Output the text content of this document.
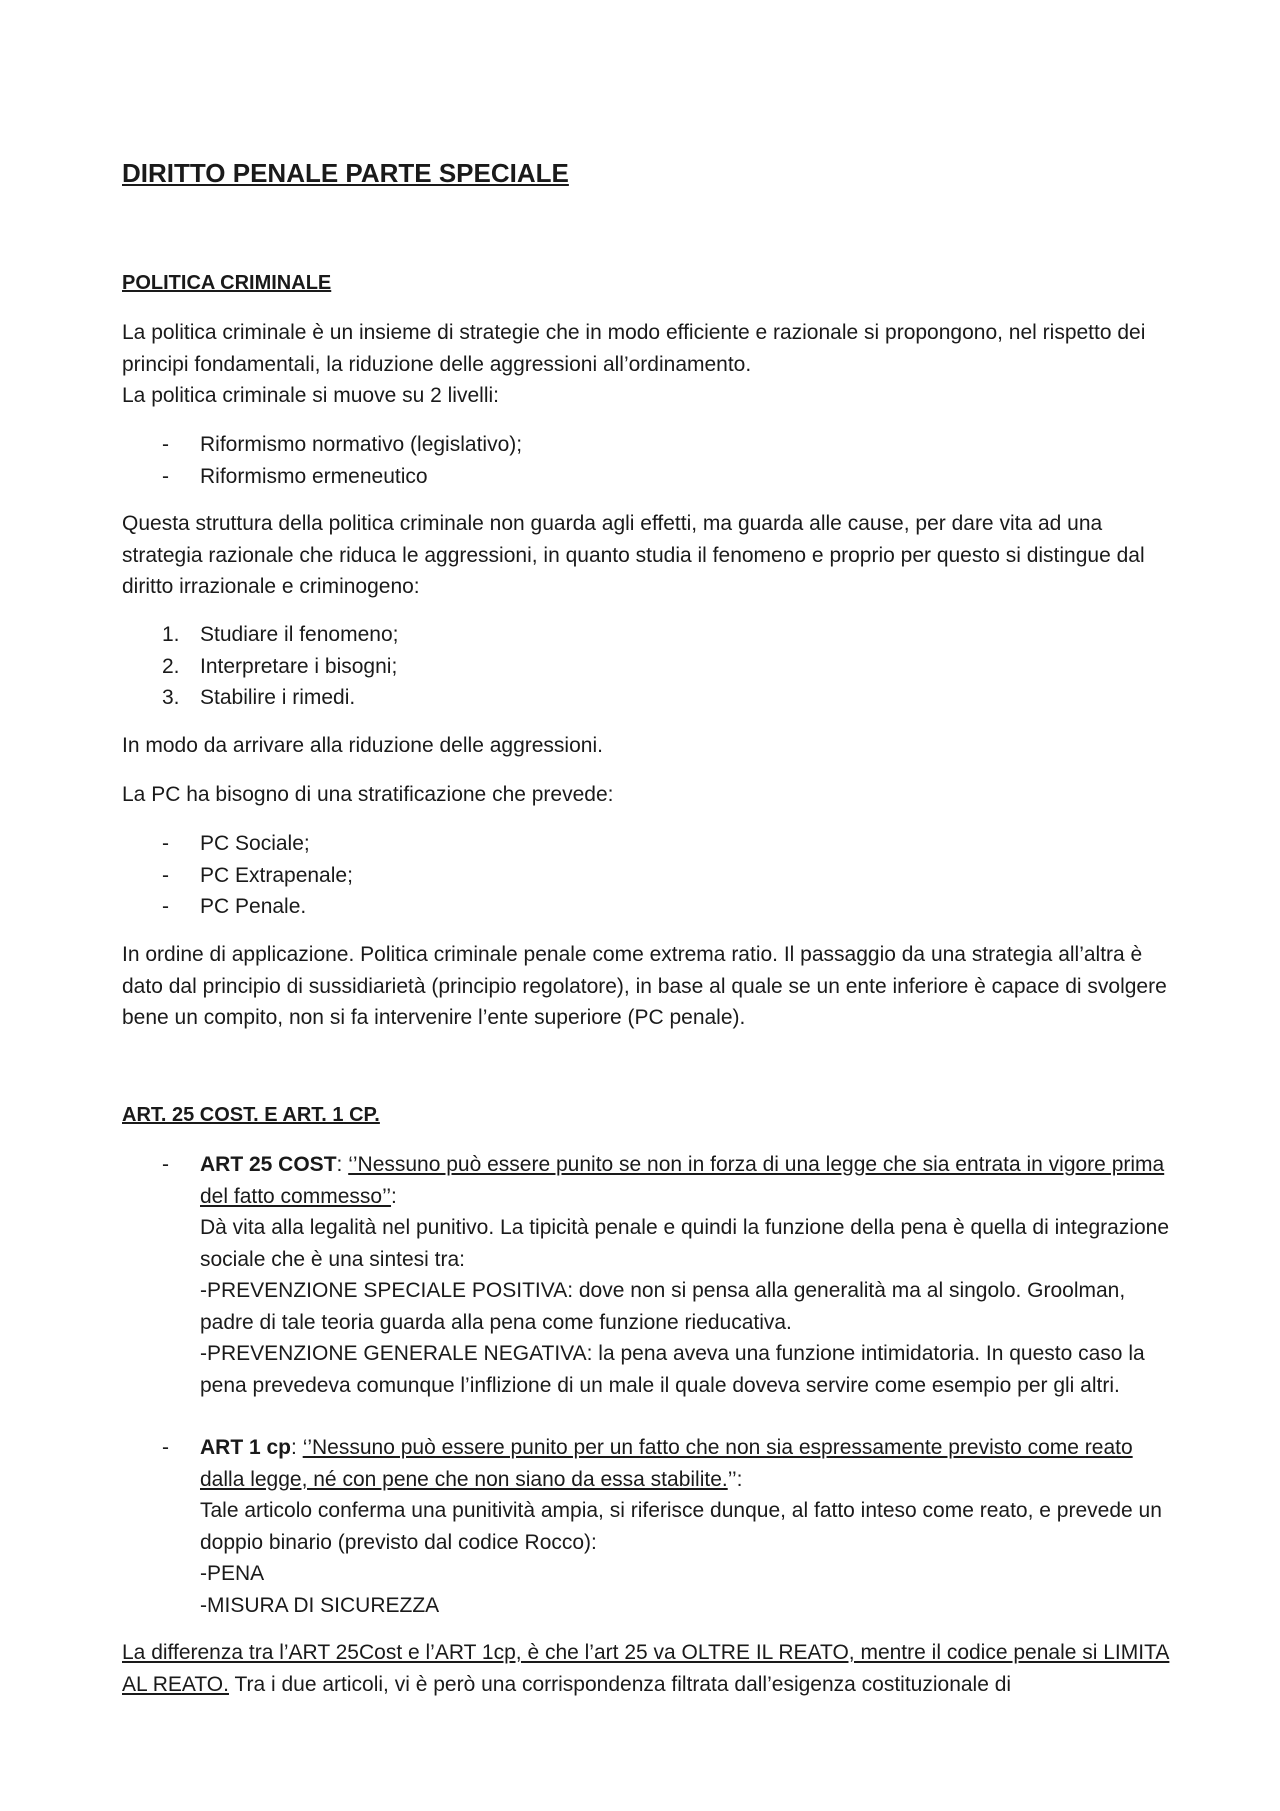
DIRITTO PENALE PARTE SPECIALE
POLITICA CRIMINALE

La politica criminale è un insieme di strategie che in modo efficiente e razionale si propongono, nel rispetto dei principi fondamentali, la riduzione delle aggressioni all’ordinamento.
La politica criminale si muove su 2 livelli:

- Riformismo normativo (legislativo);
- Riformismo ermeneutico

Questa struttura della politica criminale non guarda agli effetti, ma guarda alle cause, per dare vita ad una strategia razionale che riduca le aggressioni, in quanto studia il fenomeno e proprio per questo si distingue dal diritto irrazionale e criminogeno:

1. Studiare il fenomeno;
2. Interpretare i bisogni;
3. Stabilire i rimedi.

In modo da arrivare alla riduzione delle aggressioni.

La PC ha bisogno di una stratificazione che prevede:

- PC Sociale;
- PC Extrapenale;
- PC Penale.

In ordine di applicazione. Politica criminale penale come extrema ratio. Il passaggio da una strategia all’altra è dato dal principio di sussidiarietà (principio regolatore), in base al quale se un ente inferiore è capace di svolgere bene un compito, non si fa intervenire l’ente superiore (PC penale).

ART. 25 COST. E ART. 1 CP.
- ART 25 COST: ‘’Nessuno può essere punito se non in forza di una legge che sia entrata in vigore prima del fatto commesso’’:
Dà vita alla legalità nel punitivo. La tipicità penale e quindi la funzione della pena è quella di integrazione sociale che è una sintesi tra:
-PREVENZIONE SPECIALE POSITIVA: dove non si pensa alla generalità ma al singolo. Groolman, padre di tale teoria guarda alla pena come funzione rieducativa.
-PREVENZIONE GENERALE NEGATIVA: la pena aveva una funzione intimidatoria. In questo caso la pena prevedeva comunque l’inflizione di un male il quale doveva servire come esempio per gli altri.
- ART 1 cp: ‘’Nessuno può essere punito per un fatto che non sia espressamente previsto come reato dalla legge, né con pene che non siano da essa stabilite.’’:
Tale articolo conferma una punitività ampia, si riferisce dunque, al fatto inteso come reato, e prevede un doppio binario (previsto dal codice Rocco):
-PENA
-MISURA DI SICUREZZA

La differenza tra l’ART 25Cost e l’ART 1cp, è che l’art 25 va OLTRE IL REATO, mentre il codice penale si LIMITA AL REATO. Tra i due articoli, vi è però una corrispondenza filtrata dall’esigenza costituzionale di
